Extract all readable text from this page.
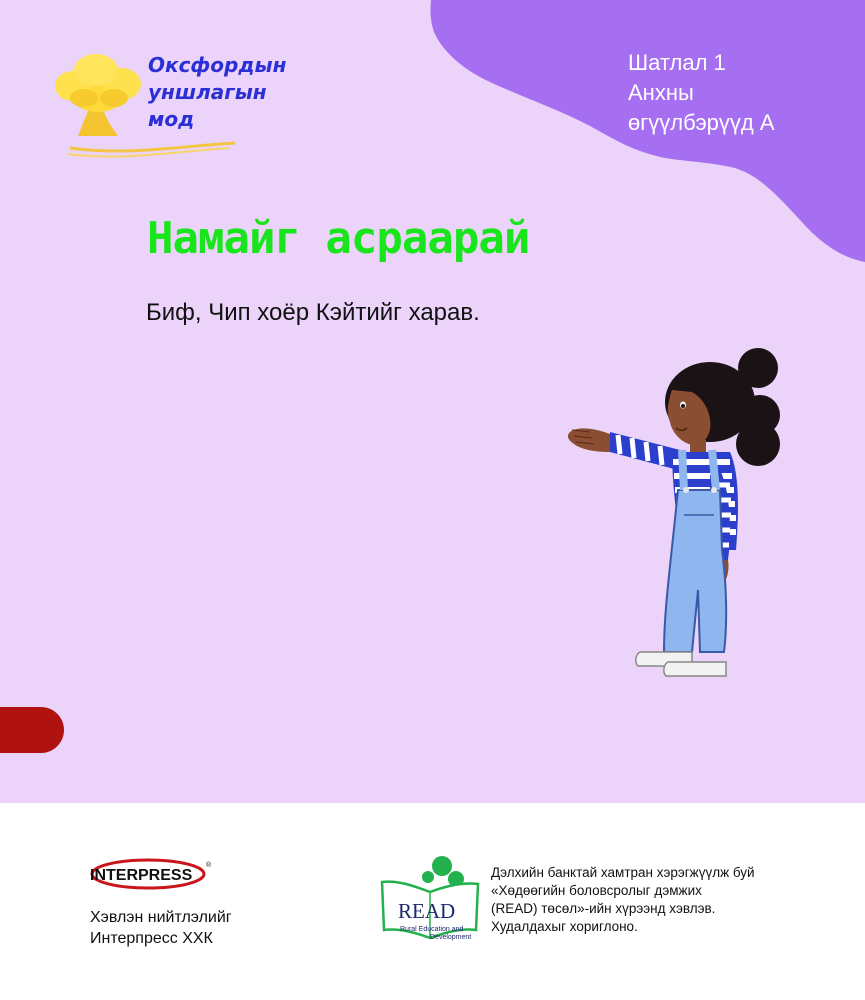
Оксфордын
уншлагын
мод
Шатлал 1
Анхны
өгүүлбэрүүд А
Намайг асраарай
Биф, Чип хоёр Кэйтийг харав.
INTERPRESS
®
Хэвлэн нийтлэлийг
Интерпресс ХХК
READ
Rural Education and
Development
Дэлхийн банктай хамтран хэрэгжүүлж буй
«Хөдөөгийн боловсролыг дэмжих
(READ) төсөл»-ийн хүрээнд хэвлэв.
Худалдахыг хориглоно.
